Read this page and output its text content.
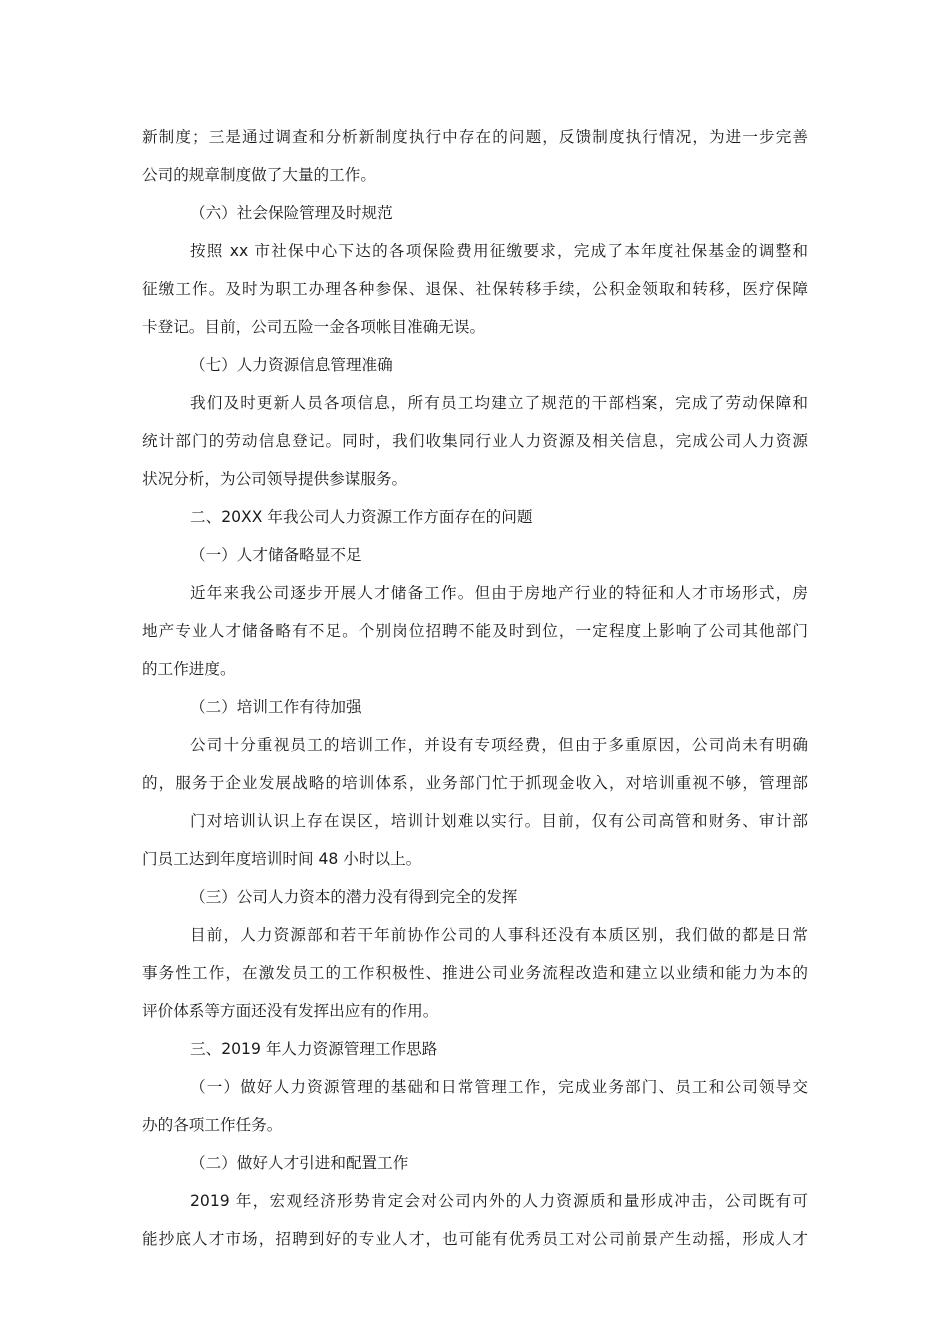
新制度；三是通过调查和分析新制度执行中存在的问题，反馈制度执行情况，为进一步完善
公司的规章制度做了大量的工作。
（六）社会保险管理及时规范
按照 xx 市社保中心下达的各项保险费用征缴要求，完成了本年度社保基金的调整和
征缴工作。及时为职工办理各种参保、退保、社保转移手续，公积金领取和转移，医疗保障
卡登记。目前，公司五险一金各项帐目准确无误。
（七）人力资源信息管理准确
我们及时更新人员各项信息，所有员工均建立了规范的干部档案，完成了劳动保障和
统计部门的劳动信息登记。同时，我们收集同行业人力资源及相关信息，完成公司人力资源
状况分析，为公司领导提供参谋服务。
二、20XX 年我公司人力资源工作方面存在的问题
（一）人才储备略显不足
近年来我公司逐步开展人才储备工作。但由于房地产行业的特征和人才市场形式，房
地产专业人才储备略有不足。个别岗位招聘不能及时到位，一定程度上影响了公司其他部门
的工作进度。
（二）培训工作有待加强
公司十分重视员工的培训工作，并设有专项经费，但由于多重原因，公司尚未有明确
的，服务于企业发展战略的培训体系，业务部门忙于抓现金收入，对培训重视不够，管理部
门对培训认识上存在误区，培训计划难以实行。目前，仅有公司高管和财务、审计部
门员工达到年度培训时间 48 小时以上。
（三）公司人力资本的潜力没有得到完全的发挥
目前，人力资源部和若干年前协作公司的人事科还没有本质区别，我们做的都是日常
事务性工作，在激发员工的工作积极性、推进公司业务流程改造和建立以业绩和能力为本的
评价体系等方面还没有发挥出应有的作用。
三、2019 年人力资源管理工作思路
（一）做好人力资源管理的基础和日常管理工作，完成业务部门、员工和公司领导交
办的各项工作任务。
（二）做好人才引进和配置工作
2019 年，宏观经济形势肯定会对公司内外的人力资源质和量形成冲击，公司既有可
能抄底人才市场，招聘到好的专业人才，也可能有优秀员工对公司前景产生动摇，形成人才
